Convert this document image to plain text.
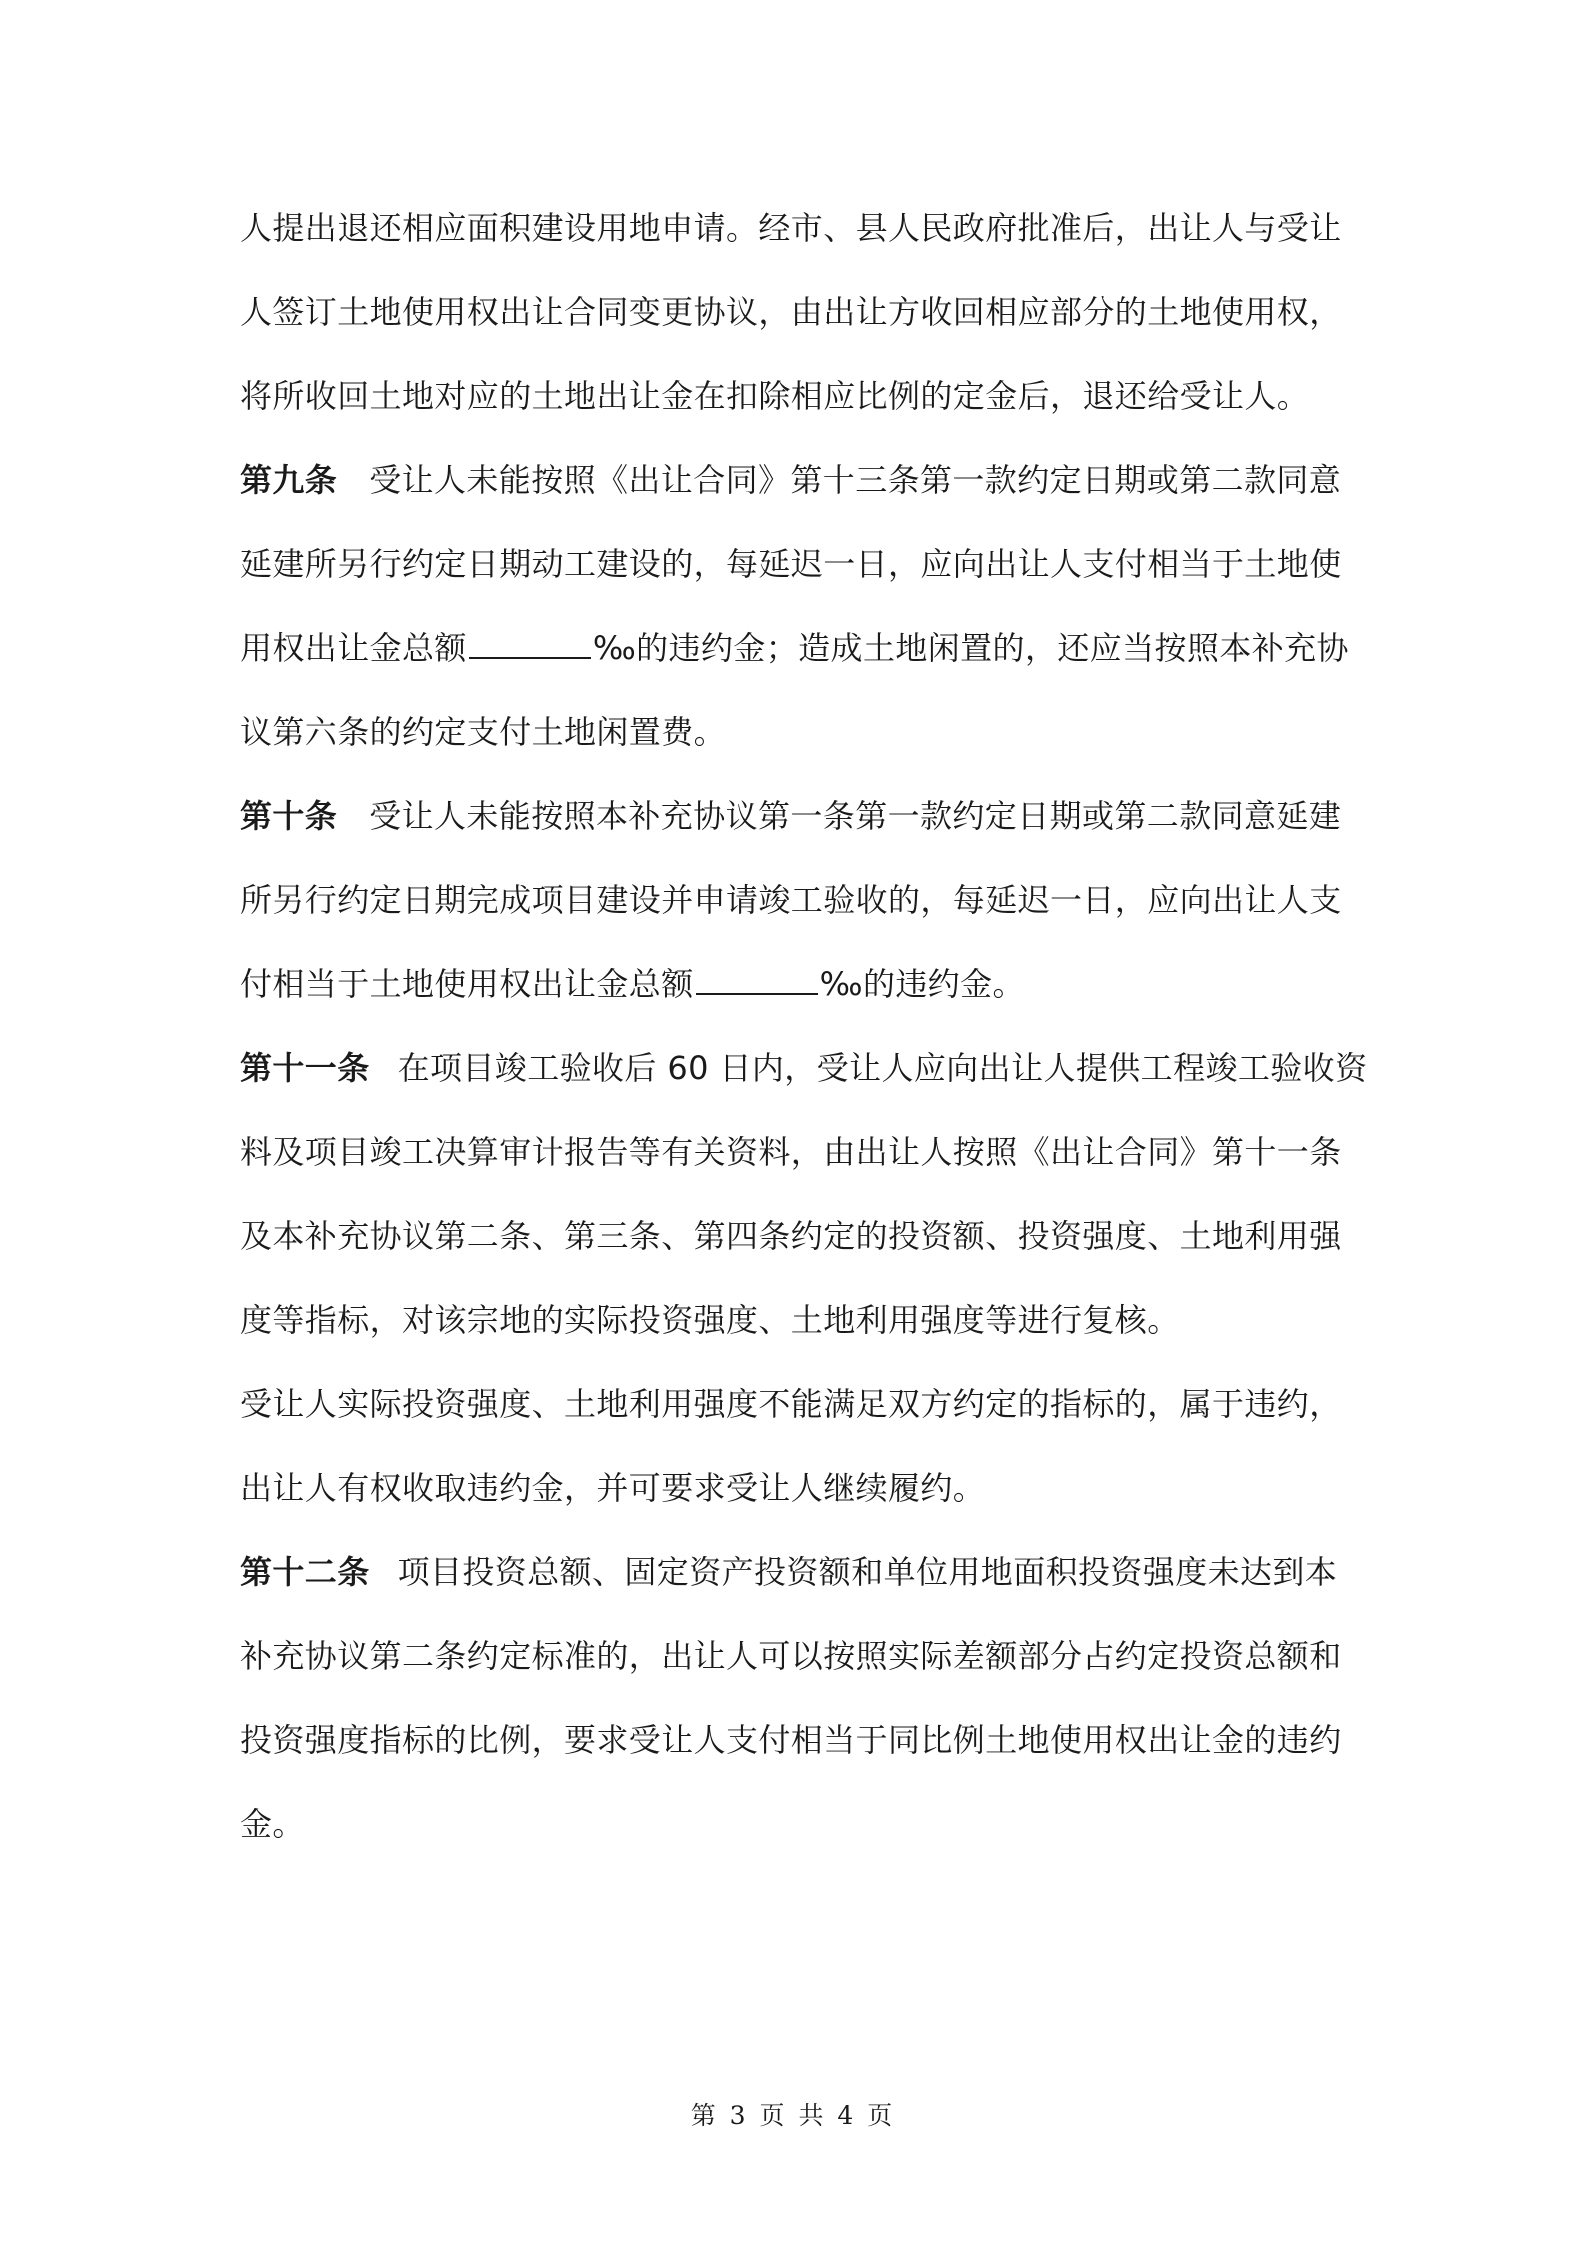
人提出退还相应面积建设用地申请。经市、县人民政府批准后，出让人与受让
人签订土地使用权出让合同变更协议，由出让方收回相应部分的土地使用权，
将所收回土地对应的土地出让金在扣除相应比例的定金后，退还给受让人。
第九条 受让人未能按照《出让合同》第十三条第一款约定日期或第二款同意
延建所另行约定日期动工建设的，每延迟一日，应向出让人支付相当于土地使
用权出让金总额	‰的违约金；造成土地闲置的，还应当按照本补充协
议第六条的约定支付土地闲置费。
第十条 受让人未能按照本补充协议第一条第一款约定日期或第二款同意延建
所另行约定日期完成项目建设并申请竣工验收的，每延迟一日，应向出让人支
付相当于土地使用权出让金总额	‰的违约金。
第十一条 在项目竣工验收后 60 日内，受让人应向出让人提供工程竣工验收资
料及项目竣工决算审计报告等有关资料，由出让人按照《出让合同》第十一条
及本补充协议第二条、第三条、第四条约定的投资额、投资强度、土地利用强
度等指标，对该宗地的实际投资强度、土地利用强度等进行复核。
受让人实际投资强度、土地利用强度不能满足双方约定的指标的，属于违约，
出让人有权收取违约金，并可要求受让人继续履约。
第十二条 项目投资总额、固定资产投资额和单位用地面积投资强度未达到本
补充协议第二条约定标准的，出让人可以按照实际差额部分占约定投资总额和
投资强度指标的比例，要求受让人支付相当于同比例土地使用权出让金的违约
金。
第 3 页 共 4 页
